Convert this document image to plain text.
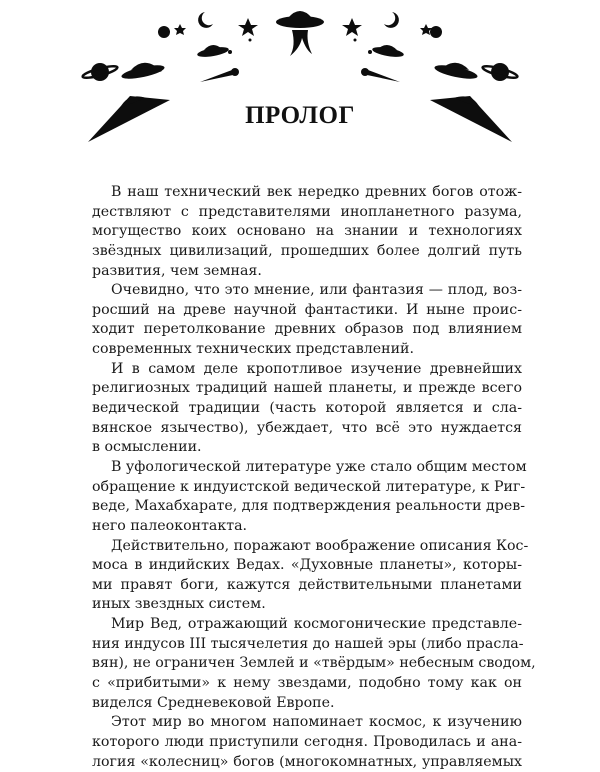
ПРОЛОГ
В наш технический век нередко древних богов отож-
дествляют с представителями инопланетного разума,
могущество коих основано на знании и технологиях
звёздных цивилизаций, прошедших более долгий путь
развития, чем земная.
Очевидно, что это мнение, или фантазия — плод, воз-
росший на древе научной фантастики. И ныне проис-
ходит перетолкование древних образов под влиянием
современных технических представлений.
И в самом деле кропотливое изучение древнейших
религиозных традиций нашей планеты, и прежде всего
ведической традиции (часть которой является и сла-
вянское язычество), убеждает, что всё это нуждается
в осмыслении.
В уфологической литературе уже стало общим местом
обращение к индуистской ведической литературе, к Риг-
веде, Махабхарате, для подтверждения реальности древ-
него палеоконтакта.
Действительно, поражают воображение описания Кос-
моса в индийских Ведах. «Духовные планеты», которы-
ми правят боги, кажутся действительными планетами
иных звездных систем.
Мир Вед, отражающий космогонические представле-
ния индусов III тысячелетия до нашей эры (либо прасла-
вян), не ограничен Землей и «твёрдым» небесным сводом,
с «прибитыми» к нему звездами, подобно тому как он
виделся Средневековой Европе.
Этот мир во многом напоминает космос, к изучению
которого люди приступили сегодня. Проводилась и ана-
логия «колесниц» богов (многокомнатных, управляемых
